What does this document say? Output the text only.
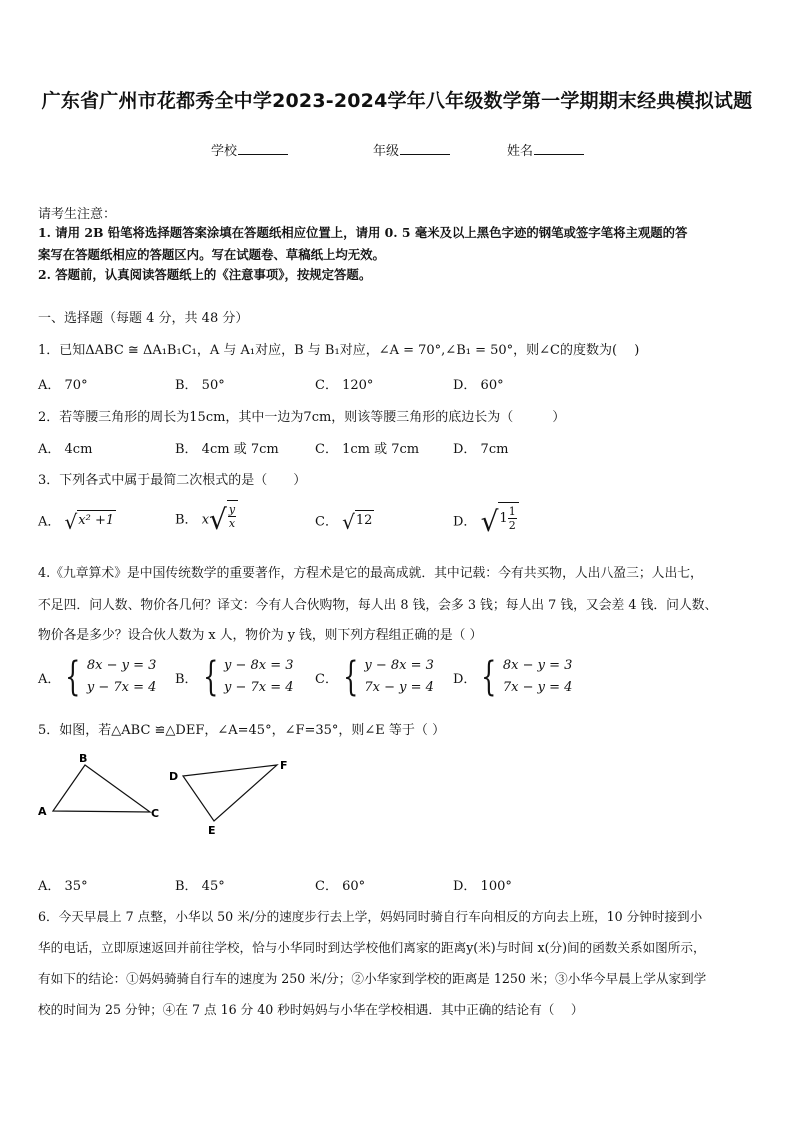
广东省广州市花都秀全中学2023-2024学年八年级数学第一学期期末经典模拟试题
学校	年级	姓名
请考生注意：
1. 请用 2B 铅笔将选择题答案涂填在答题纸相应位置上，请用 0. 5 毫米及以上黑色字迹的钢笔或签字笔将主观题的答
案写在答题纸相应的答题区内。写在试题卷、草稿纸上均无效。
2. 答题前，认真阅读答题纸上的《注意事项》，按规定答题。
一、选择题（每题 4 分，共 48 分）
1．已知ΔABC ≅ ΔA₁B₁C₁，A 与 A₁对应，B 与 B₁对应，∠A = 70°,∠B₁ = 50°，则∠C的度数为(　 )
A． 70°	B． 50°	C． 120°	D． 60°
2．若等腰三角形的周长为15cm，其中一边为7cm，则该等腰三角形的底边长为（　　　）
A． 4cm	B． 4cm 或 7cm	C． 1cm 或 7cm	D． 7cm
3．下列各式中属于最简二次根式的是（　　）
A． √ x² +1	B． x √ $\frac{y}{x}$	C． √ 12	D． √ $1 \frac{1}{2}$
4.《九章算术》是中国传统数学的重要著作，方程术是它的最高成就．其中记载：今有共买物，人出八盈三；人出七，
不足四．问人数、物价各几何？译文：今有人合伙购物，每人出 8 钱，会多 3 钱；每人出 7 钱，又会差 4 钱．问人数、
物价各是多少？设合伙人数为 x 人，物价为 y 钱，则下列方程组正确的是（ ）
A． { 8x − y = 3
y − 7x = 4
B． { y − 8x = 3
y − 7x = 4
C． { y − 8x = 3
7x − y = 4
D． { 8x − y = 3
7x − y = 4
5．如图，若△ABC ≌△DEF，∠A=45°，∠F=35°，则∠E 等于（ ）
A
B
C
D
E
F
A． 35°	B． 45°	C． 60°	D． 100°
6．今天早晨上 7 点整，小华以 50 米/分的速度步行去上学，妈妈同时骑自行车向相反的方向去上班，10 分钟时接到小
华的电话，立即原速返回并前往学校，恰与小华同时到达学校他们离家的距离y(米)与时间 x(分)间的函数关系如图所示，
有如下的结论：①妈妈骑骑自行车的速度为 250 米/分；②小华家到学校的距离是 1250 米；③小华今早晨上学从家到学
校的时间为 25 分钟；④在 7 点 16 分 40 秒时妈妈与小华在学校相遇．其中正确的结论有（　 ）
